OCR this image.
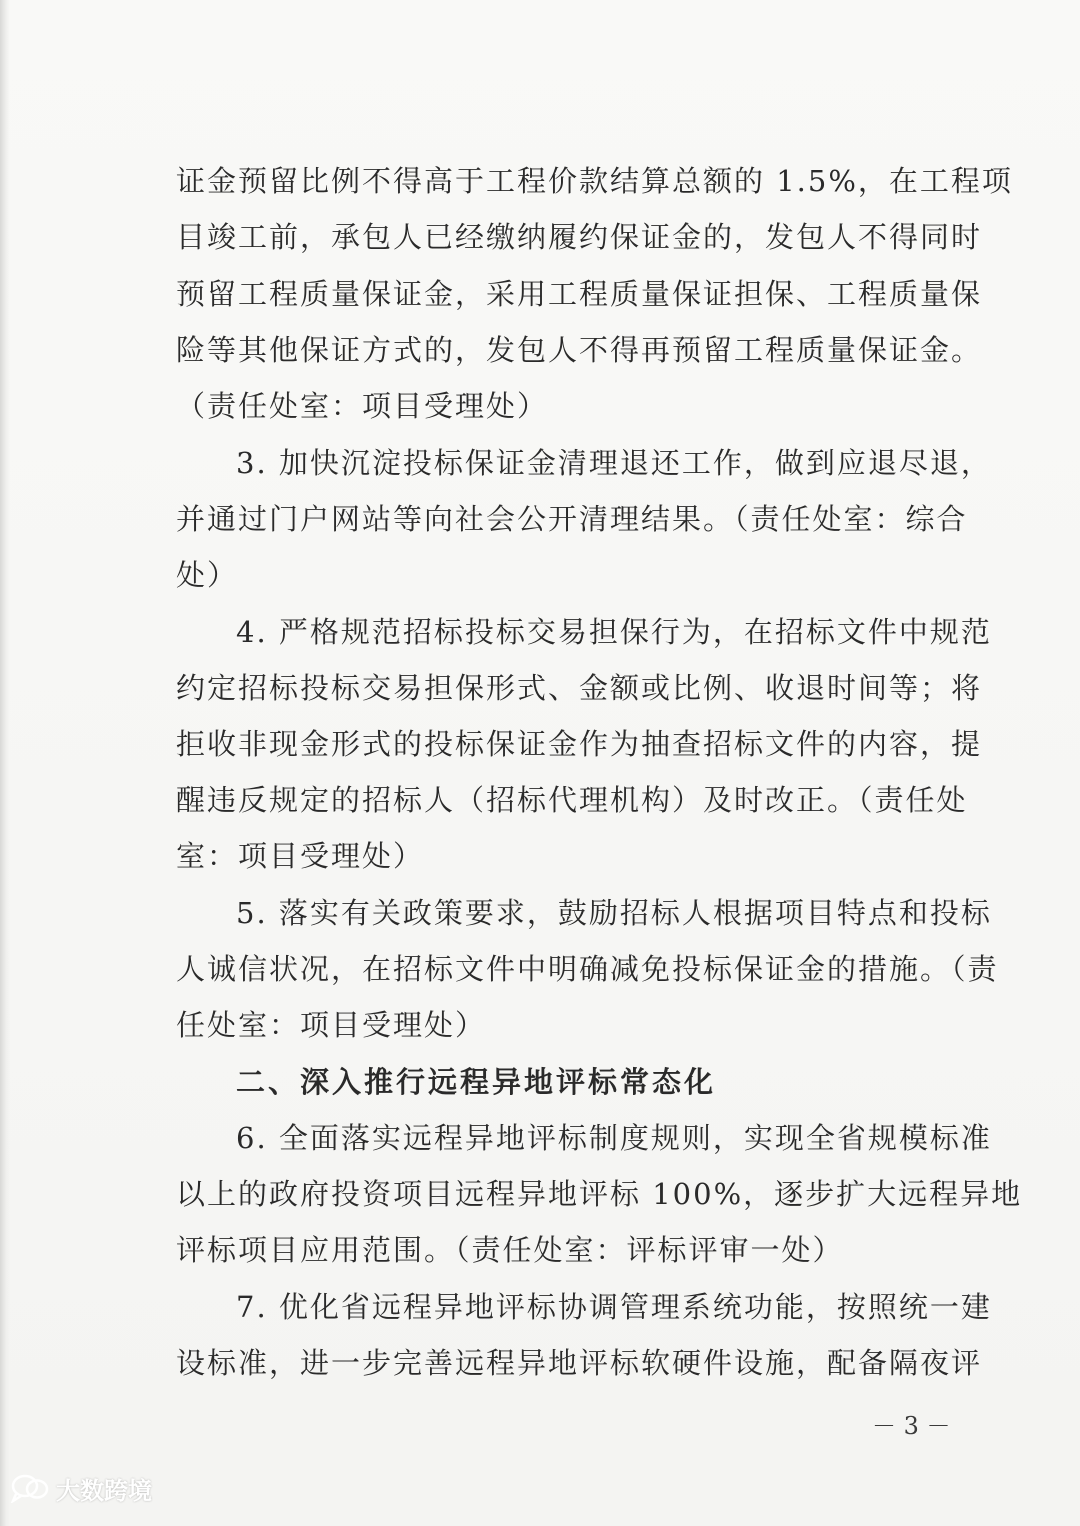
证金预留比例不得高于工程价款结算总额的 1.5%，在工程项
目竣工前，承包人已经缴纳履约保证金的，发包人不得同时
预留工程质量保证金，采用工程质量保证担保、工程质量保
险等其他保证方式的，发包人不得再预留工程质量保证金。
（责任处室：项目受理处）
3. 加快沉淀投标保证金清理退还工作，做到应退尽退，
并通过门户网站等向社会公开清理结果。（责任处室：综合
处）
4. 严格规范招标投标交易担保行为，在招标文件中规范
约定招标投标交易担保形式、金额或比例、收退时间等；将
拒收非现金形式的投标保证金作为抽查招标文件的内容，提
醒违反规定的招标人（招标代理机构）及时改正。（责任处
室：项目受理处）
5. 落实有关政策要求，鼓励招标人根据项目特点和投标
人诚信状况，在招标文件中明确减免投标保证金的措施。（责
任处室：项目受理处）
二、深入推行远程异地评标常态化
6. 全面落实远程异地评标制度规则，实现全省规模标准
以上的政府投资项目远程异地评标 100%，逐步扩大远程异地
评标项目应用范围。（责任处室：评标评审一处）
7. 优化省远程异地评标协调管理系统功能，按照统一建
设标准，进一步完善远程异地评标软硬件设施，配备隔夜评
－ 3 －
大数跨境
